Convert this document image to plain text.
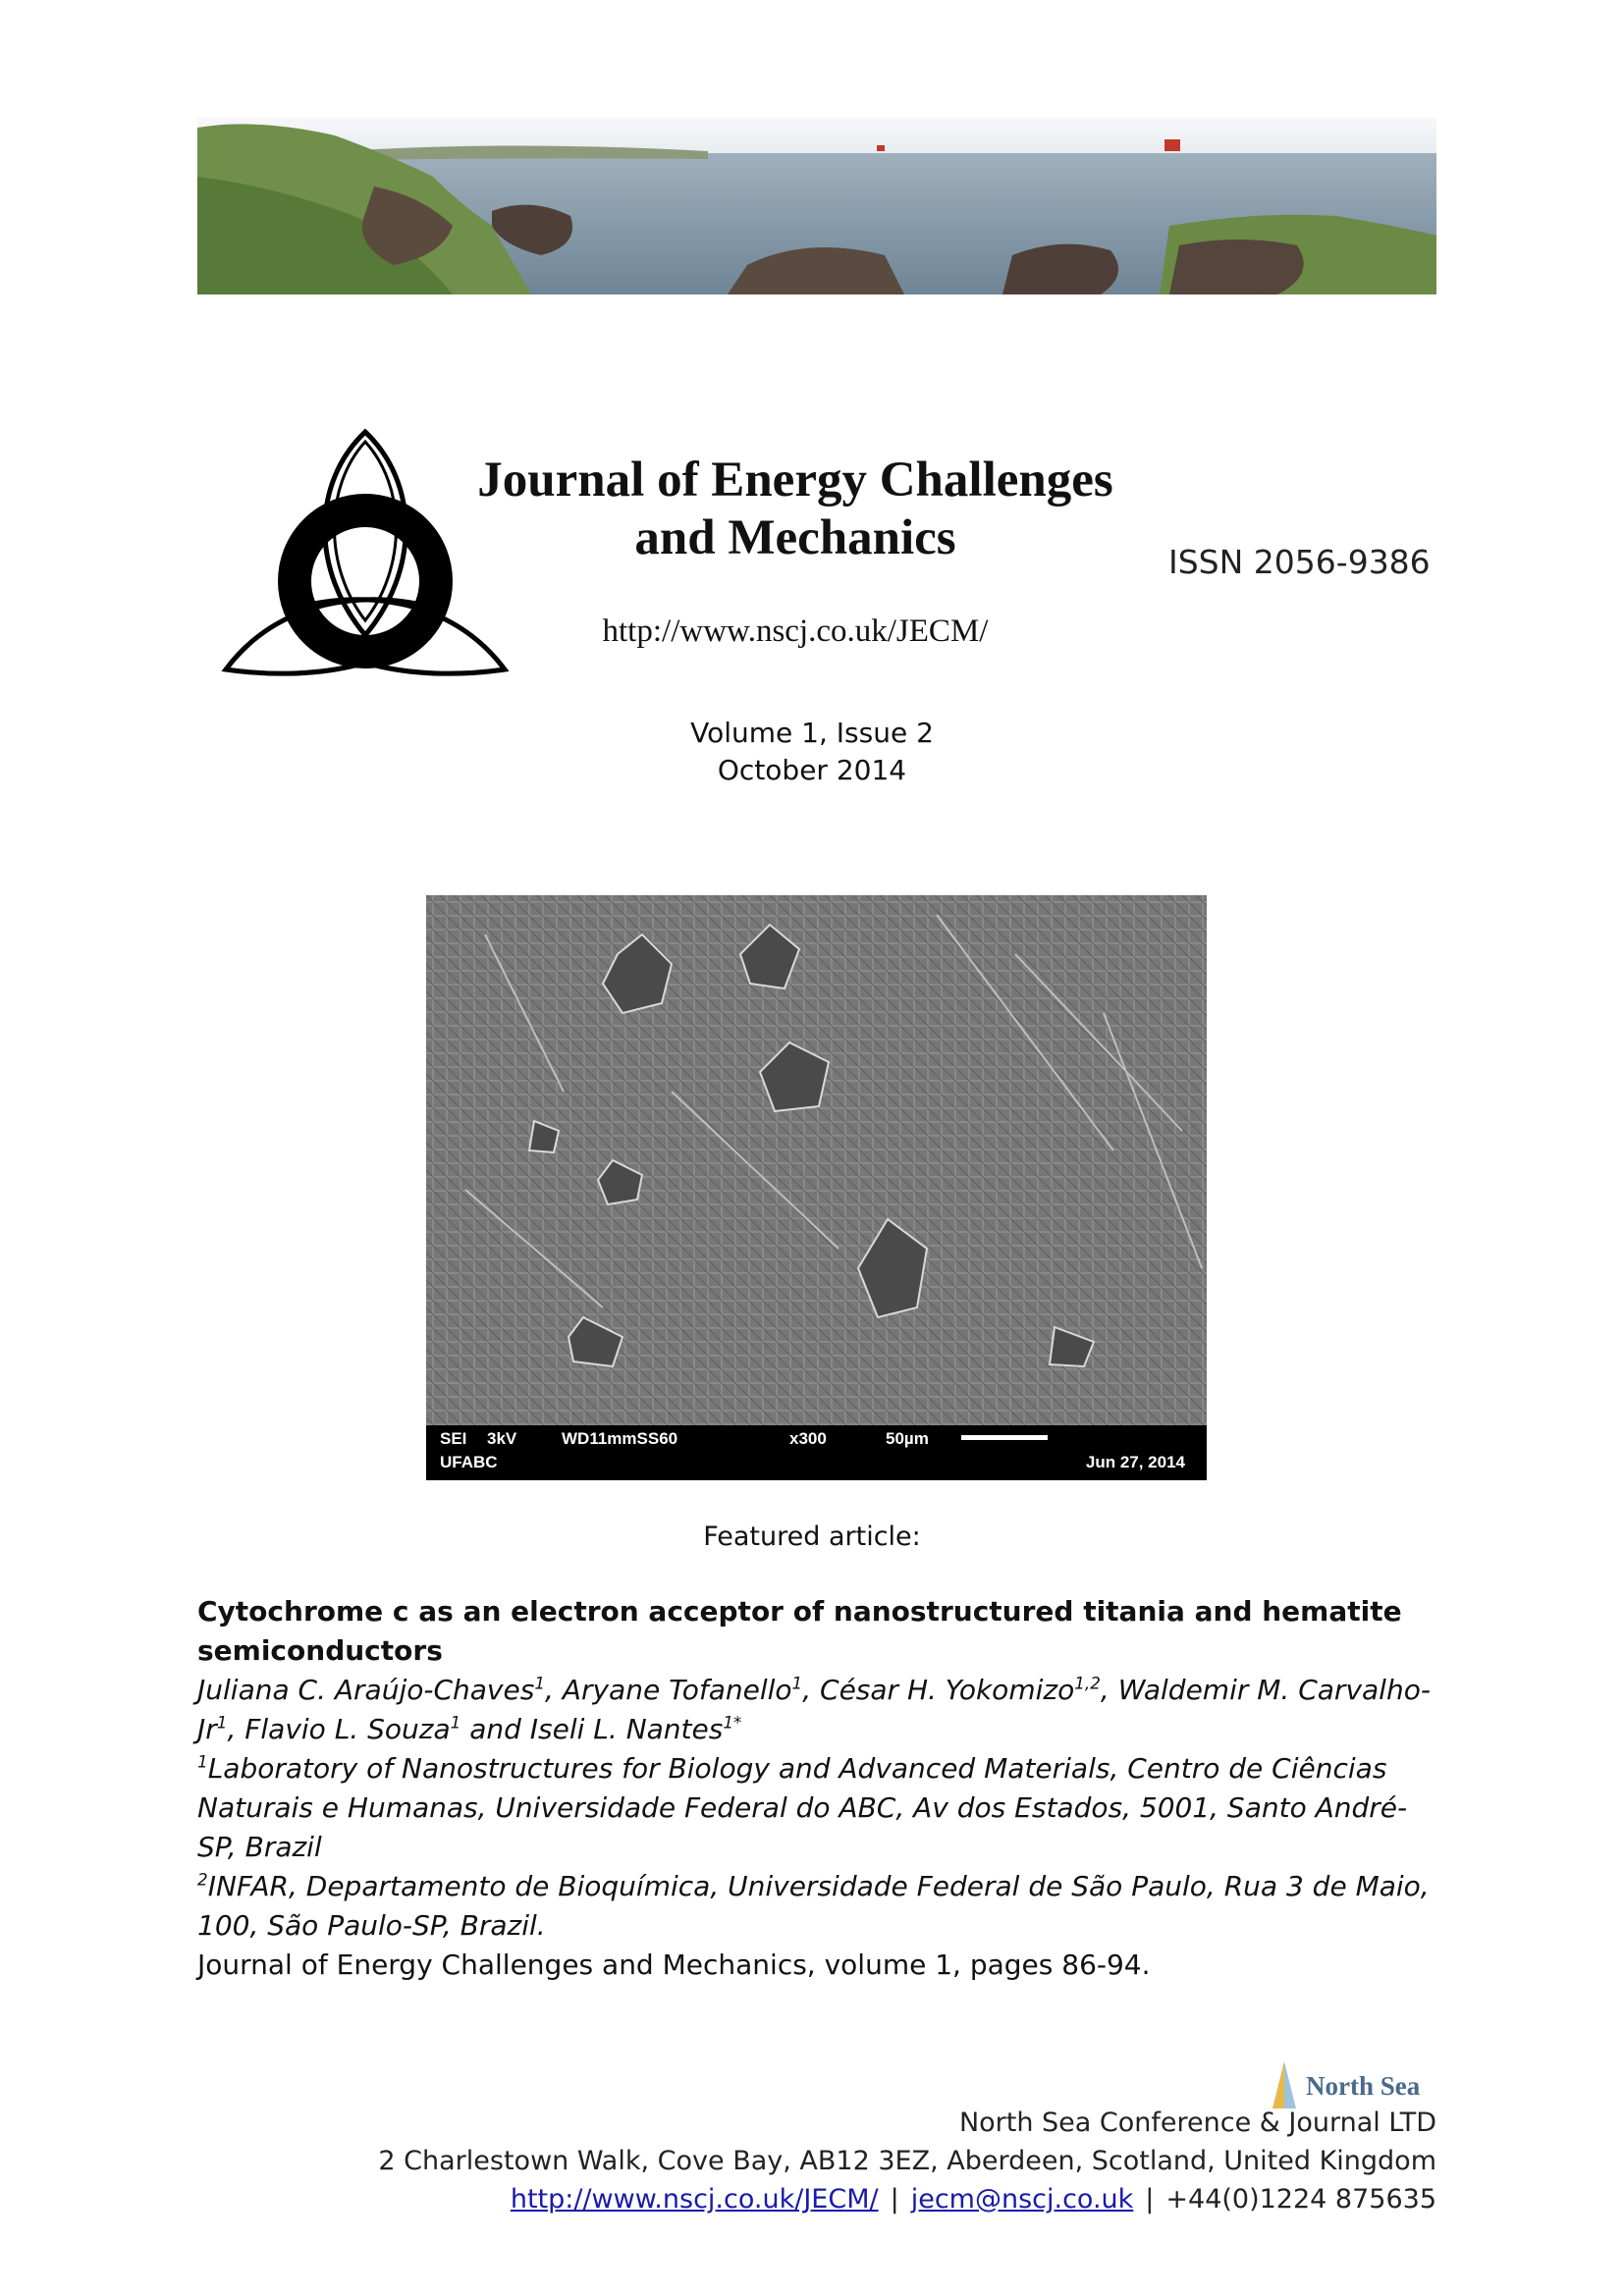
Journal of Energy Challenges
and Mechanics	ISSN 2056-9386
http://www.nscj.co.uk/JECM/
Volume 1, Issue 2
October 2014
SEI 3kV	WD11mmSS60	x300	50µm
UFABC	Jun 27, 2014
Featured article:

Cytochrome c as an electron acceptor of nanostructured titania and hematite semiconductors

Juliana C. Araújo-Chaves$^1$, Aryane Tofanello$^1$, César H. Yokomizo$^{1,2}$, Waldemir M. Carvalho-Jr$^1$, Flavio L. Souza$^1$ and Iseli L. Nantes$^{1*}$

$^1$Laboratory of Nanostructures for Biology and Advanced Materials, Centro de Ciências Naturais e Humanas, Universidade Federal do ABC, Av dos Estados, 5001, Santo André-SP, Brazil

$^2$INFAR, Departamento de Bioquímica, Universidade Federal de São Paulo, Rua 3 de Maio, 100, São Paulo-SP, Brazil.

Journal of Energy Challenges and Mechanics, volume 1, pages 86-94.

North Sea
North Sea Conference & Journal LTD
2 Charlestown Walk, Cove Bay, AB12 3EZ, Aberdeen, Scotland, United Kingdom
http://www.nscj.co.uk/JECM/ | jecm@nscj.co.uk | +44(0)1224 875635
